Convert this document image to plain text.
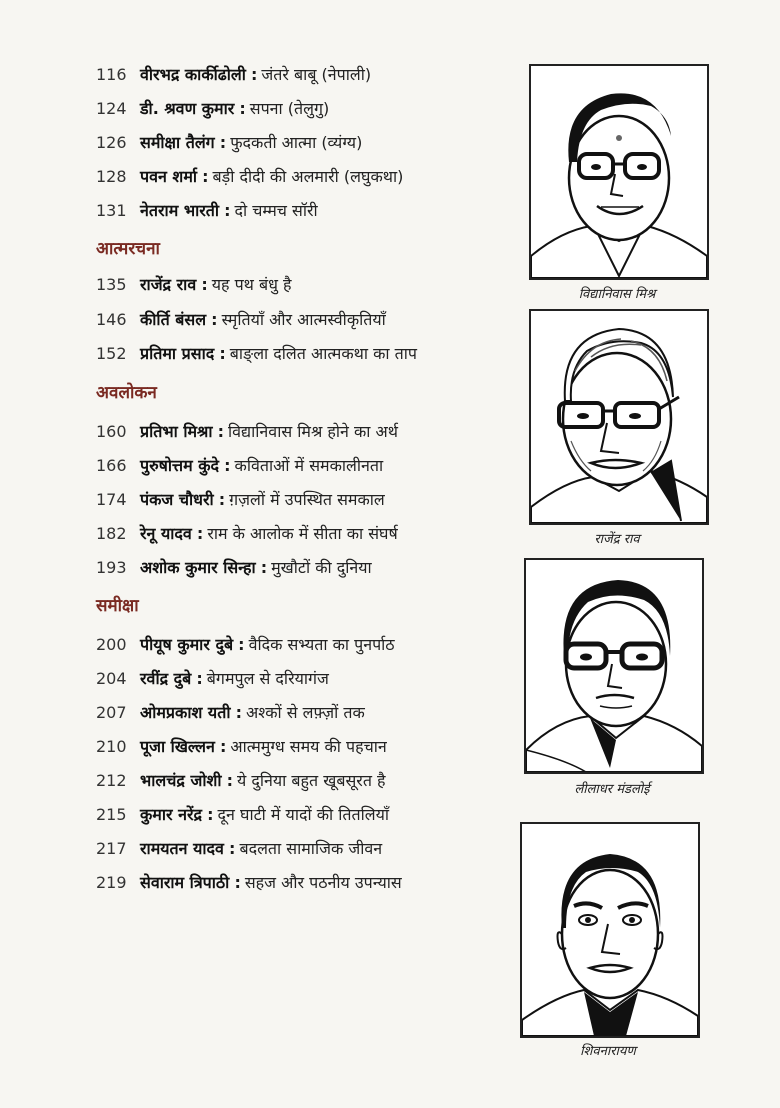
116 वीरभद्र कार्कीढोली : जंतरे बाबू (नेपाली)
124 डी. श्रवण कुमार : सपना (तेलुगु)
126 समीक्षा तैलंग : फुदकती आत्मा (व्यंग्य)
128 पवन शर्मा : बड़ी दीदी की अलमारी (लघुकथा)
131 नेतराम भारती : दो चम्मच सॉरी
आत्मरचना
135 राजेंद्र राव : यह पथ बंधु है
146 कीर्ति बंसल : स्मृतियाँ और आत्मस्वीकृतियाँ
152 प्रतिमा प्रसाद : बाङ्ला दलित आत्मकथा का ताप
अवलोकन
160 प्रतिभा मिश्रा : विद्यानिवास मिश्र होने का अर्थ
166 पुरुषोत्तम कुंदे : कविताओं में समकालीनता
174 पंकज चौधरी : ग़ज़लों में उपस्थित समकाल
182 रेनू यादव : राम के आलोक में सीता का संघर्ष
193 अशोक कुमार सिन्हा : मुखौटों की दुनिया
समीक्षा
200 पीयूष कुमार दुबे : वैदिक सभ्यता का पुनर्पाठ
204 रवींद्र दुबे : बेगमपुल से दरियागंज
207 ओमप्रकाश यती : अश्कों से लफ़्ज़ों तक
210 पूजा खिल्लन : आत्ममुग्ध समय की पहचान
212 भालचंद्र जोशी : ये दुनिया बहुत खूबसूरत है
215 कुमार नरेंद्र : दून घाटी में यादों की तितलियाँ
217 रामयतन यादव : बदलता सामाजिक जीवन
219 सेवाराम त्रिपाठी : सहज और पठनीय उपन्यास
विद्यानिवास मिश्र
राजेंद्र राव
लीलाधर मंडलोई
शिवनारायण
